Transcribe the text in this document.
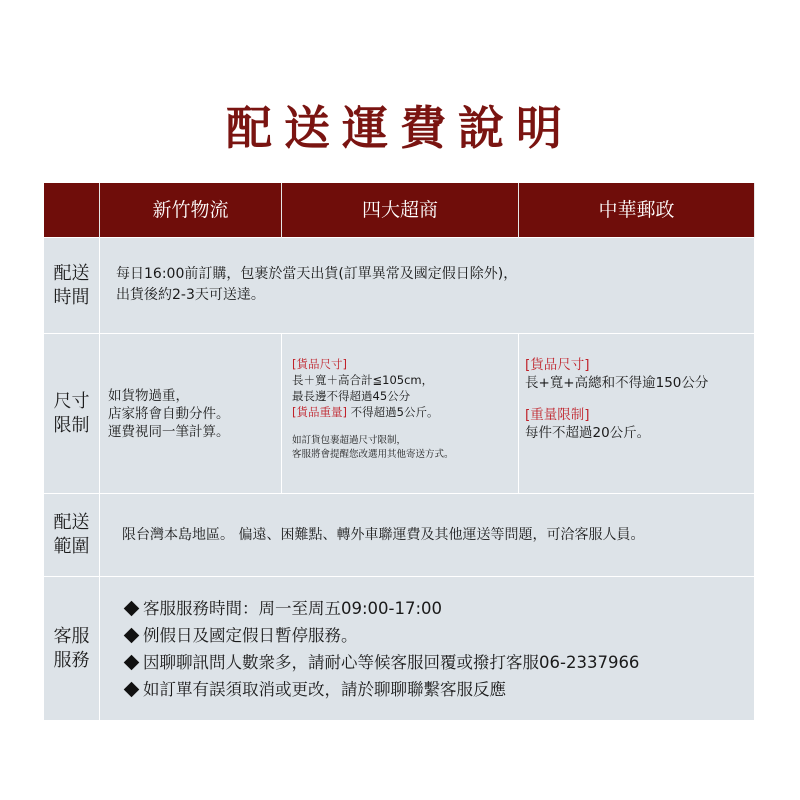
配送運費說明
新竹物流	四大超商	中華郵政
配送
時間
每日16:00前訂購，包裹於當天出貨(訂單異常及國定假日除外)，
出貨後約2-3天可送達。
尺寸
限制
如貨物過重，
店家將會自動分件。
運費視同一筆計算。
[貨品尺寸]
長＋寬＋高合計≦105cm，
最長邊不得超過45公分
[貨品重量] 不得超過5公斤。
如訂貨包裹超過尺寸限制，
客服將會提醒您改選用其他寄送方式。
[貨品尺寸]
長+寬+高總和不得逾150公分
[重量限制]
每件不超過20公斤。
配送
範圍
限台灣本島地區。 偏遠、困難點、轉外車聯運費及其他運送等問題，可洽客服人員。
客服
服務
客服服務時間：周一至周五09:00-17:00
例假日及國定假日暫停服務。
因聊聊訊問人數衆多，請耐心等候客服回覆或撥打客服06-2337966
如訂單有誤須取消或更改，請於聊聊聯繫客服反應
